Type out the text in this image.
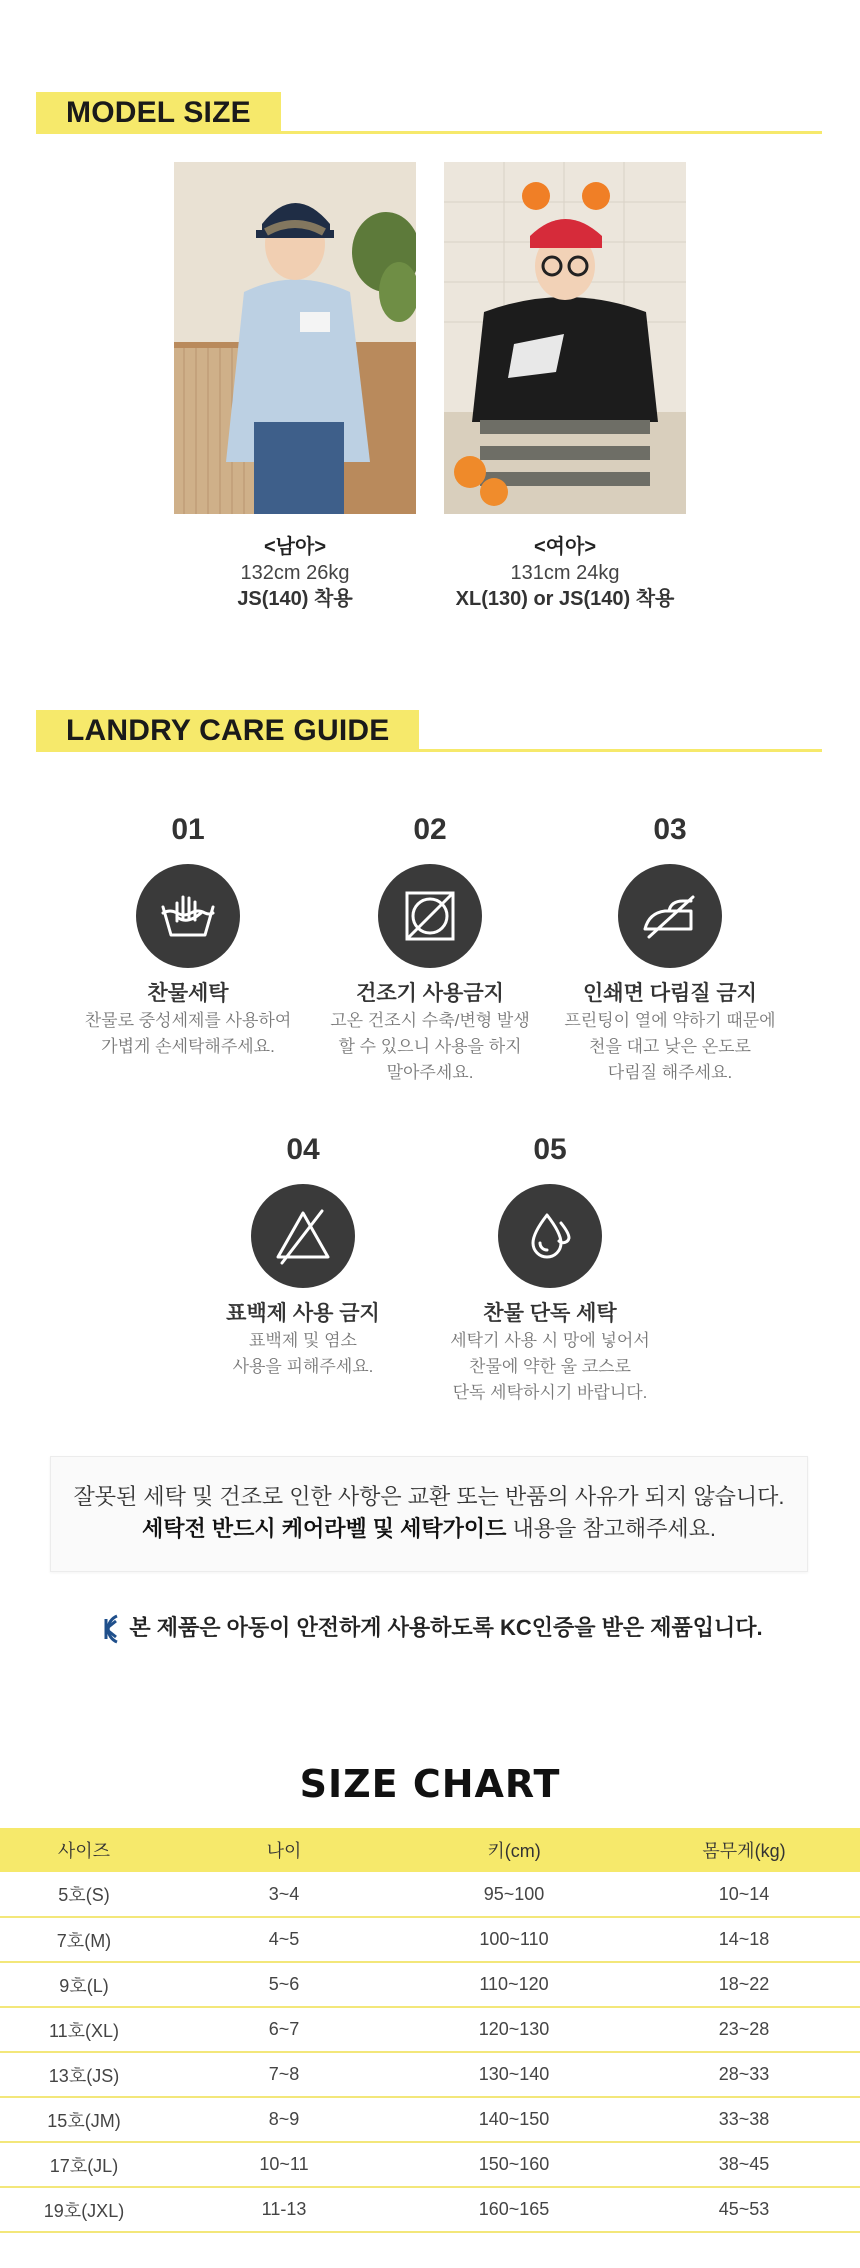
MODEL SIZE
<남아>
132cm 26kg
JS(140) 착용
<여아>
131cm 24kg
XL(130) or JS(140) 착용
LANDRY CARE GUIDE
01
찬물세탁
찬물로 중성세제를 사용하여
가볍게 손세탁해주세요.
02
건조기 사용금지
고온 건조시 수축/변형 발생
할 수 있으니 사용을 하지
말아주세요.
03
인쇄면 다림질 금지
프린팅이 열에 약하기 때문에
천을 대고 낮은 온도로
다림질 해주세요.
04
표백제 사용 금지
표백제 및 염소
사용을 피해주세요.
05
찬물 단독 세탁
세탁기 사용 시 망에 넣어서
찬물에 약한 울 코스로
단독 세탁하시기 바랍니다.
잘못된 세탁 및 건조로 인한 사항은 교환 또는 반품의 사유가 되지 않습니다.
세탁전 반드시 케어라벨 및 세탁가이드 내용을 참고해주세요.
본 제품은 아동이 안전하게 사용하도록 KC인증을 받은 제품입니다.
SIZE CHART
사이즈	나이	키(cm)	몸무게(kg)
5호(S)	3~4	95~100	10~14
7호(M)	4~5	100~110	14~18
9호(L)	5~6	110~120	18~22
11호(XL)	6~7	120~130	23~28
13호(JS)	7~8	130~140	28~33
15호(JM)	8~9	140~150	33~38
17호(JL)	10~11	150~160	38~45
19호(JXL)	11-13	160~165	45~53
